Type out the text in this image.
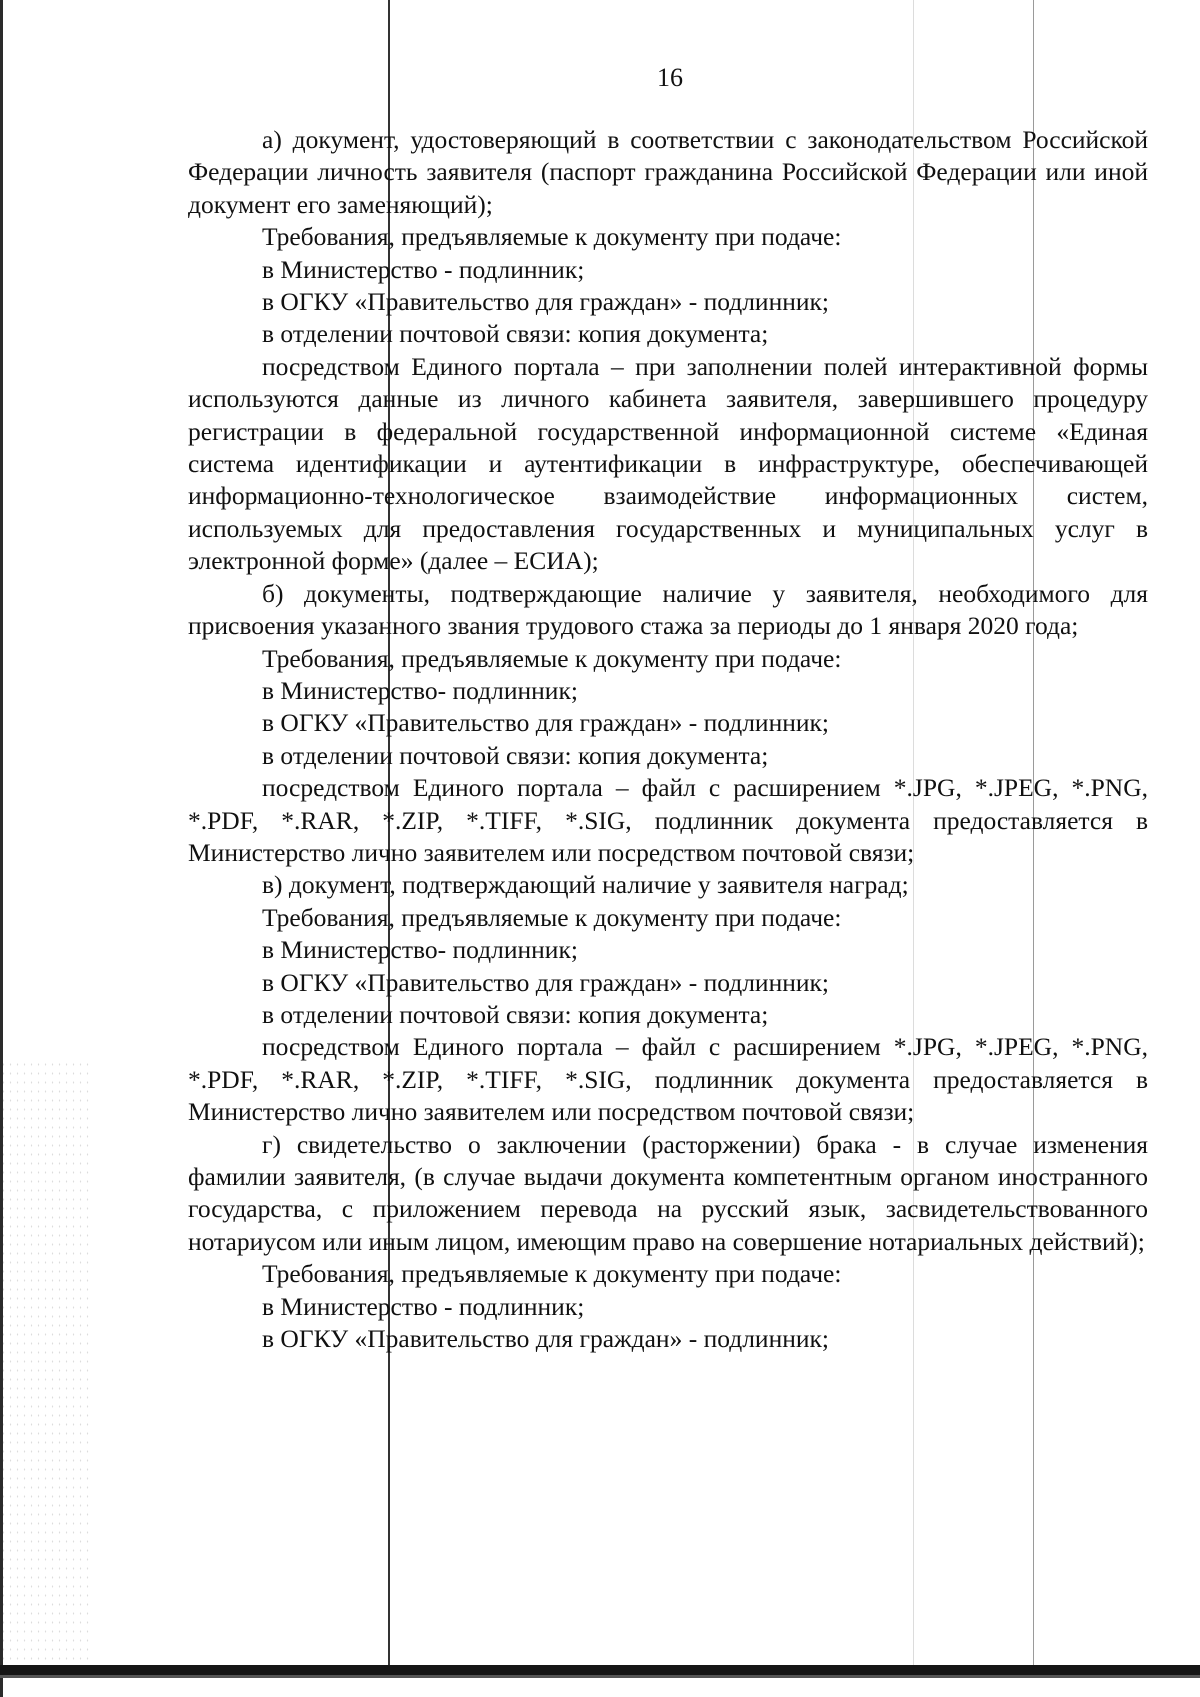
16

а) документ, удостоверяющий в соответствии с законодательством Российской Федерации личность заявителя (паспорт гражданина Российской Федерации или иной документ его заменяющий);

Требования, предъявляемые к документу при подаче:

в Министерство - подлинник;

в ОГКУ «Правительство для граждан» - подлинник;

в отделении почтовой связи: копия документа;

посредством Единого портала – при заполнении полей интерактивной формы используются данные из личного кабинета заявителя, завершившего процедуру регистрации в федеральной государственной информационной системе «Единая система идентификации и аутентификации в инфраструктуре, обеспечивающей информационно-технологическое взаимодействие информационных систем, используемых для предоставления государственных и муниципальных услуг в электронной форме» (далее – ЕСИА);

б) документы, подтверждающие наличие у заявителя, необходимого для присвоения указанного звания трудового стажа за периоды до 1 января 2020 года;

Требования, предъявляемые к документу при подаче:

в Министерство- подлинник;

в ОГКУ «Правительство для граждан» - подлинник;

в отделении почтовой связи: копия документа;

посредством Единого портала – файл с расширением *.JPG, *.JPEG, *.PNG, *.PDF, *.RAR, *.ZIP, *.TIFF, *.SIG, подлинник документа предоставляется в Министерство лично заявителем или посредством почтовой связи;

в) документ, подтверждающий наличие у заявителя наград;

Требования, предъявляемые к документу при подаче:

в Министерство- подлинник;

в ОГКУ «Правительство для граждан» - подлинник;

в отделении почтовой связи: копия документа;

посредством Единого портала – файл с расширением *.JPG, *.JPEG, *.PNG, *.PDF, *.RAR, *.ZIP, *.TIFF, *.SIG, подлинник документа предоставляется в Министерство лично заявителем или посредством почтовой связи;

г) свидетельство о заключении (расторжении) брака - в случае изменения фамилии заявителя, (в случае выдачи документа компетентным органом иностранного государства, с приложением перевода на русский язык, засвидетельствованного нотариусом или иным лицом, имеющим право на совершение нотариальных действий);

Требования, предъявляемые к документу при подаче:

в Министерство - подлинник;

в ОГКУ «Правительство для граждан» - подлинник;
